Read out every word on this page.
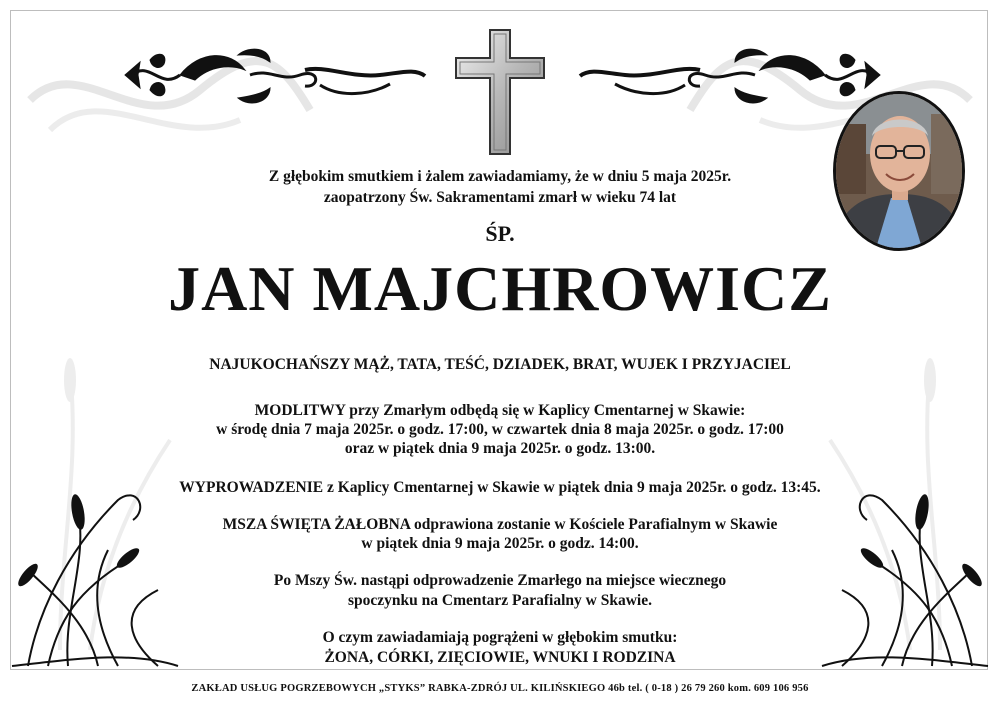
Z głębokim smutkiem i żalem zawiadamiamy, że w dniu 5 maja 2025r.
zaopatrzony Św. Sakramentami zmarł w wieku 74 lat
ŚP.
JAN MAJCHROWICZ
NAJUKOCHAŃSZY MĄŻ, TATA, TEŚĆ, DZIADEK, BRAT, WUJEK I PRZYJACIEL
MODLITWY przy Zmarłym odbędą się w Kaplicy Cmentarnej w Skawie:
w środę dnia 7 maja 2025r. o godz. 17:00, w czwartek dnia 8 maja 2025r. o godz. 17:00
oraz w piątek dnia 9 maja 2025r. o godz. 13:00.
WYPROWADZENIE z Kaplicy Cmentarnej w Skawie w piątek dnia 9 maja 2025r. o godz. 13:45.
MSZA ŚWIĘTA ŻAŁOBNA odprawiona zostanie w Kościele Parafialnym w Skawie
w piątek dnia 9 maja 2025r. o godz. 14:00.
Po Mszy Św. nastąpi odprowadzenie Zmarłego na miejsce wiecznego
spoczynku na Cmentarz Parafialny w Skawie.
O czym zawiadamiają pogrążeni w głębokim smutku:
ŻONA, CÓRKI, ZIĘCIOWIE, WNUKI I RODZINA
ZAKŁAD USŁUG POGRZEBOWYCH „STYKS” RABKA-ZDRÓJ UL. KILIŃSKIEGO 46b tel. ( 0-18 ) 26 79 260 kom. 609 106 956
